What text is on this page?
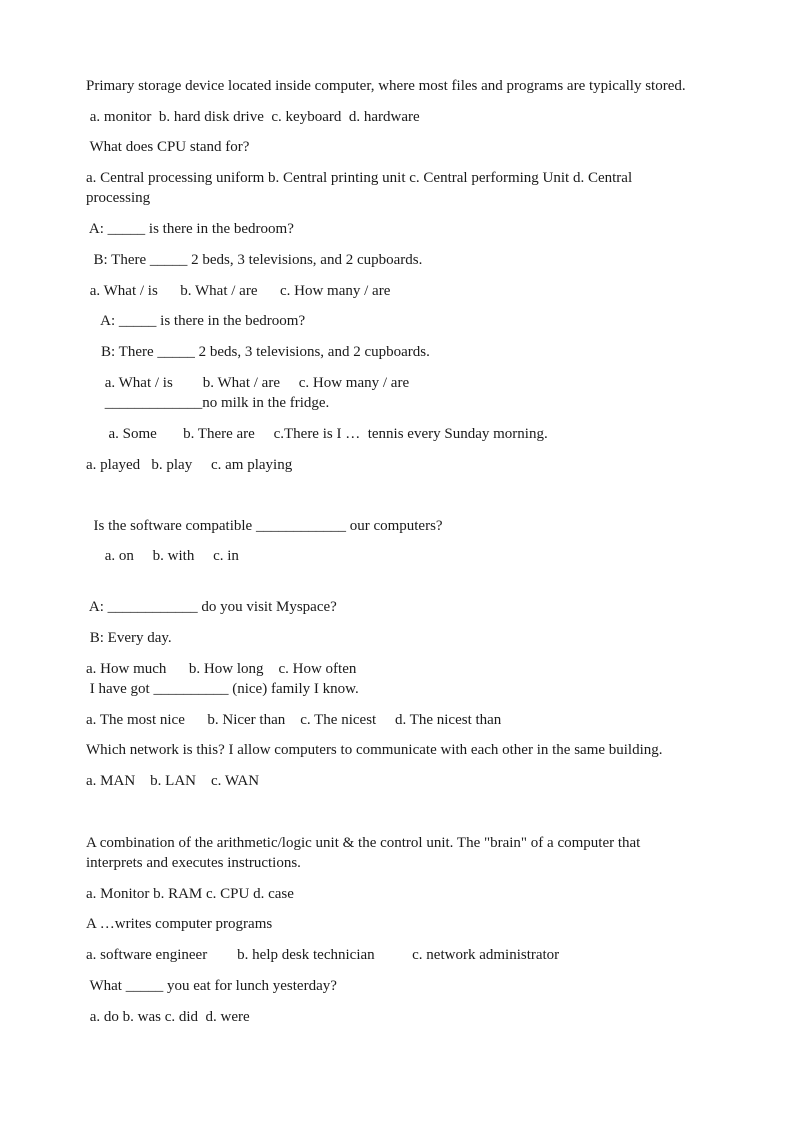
Primary storage device located inside computer, where most files and programs are typically stored.

a. monitor  b. hard disk drive  c. keyboard  d. hardware

What does CPU stand for?

a. Central processing uniform b. Central printing unit c. Central performing Unit d. Central processing

A: _____ is there in the bedroom?

B: There _____ 2 beds, 3 televisions, and 2 cupboards.

a. What / is      b. What / are      c. How many / are

A: _____ is there in the bedroom?

B: There _____ 2 beds, 3 televisions, and 2 cupboards.

a. What / is        b. What / are     c. How many / are

_____________no milk in the fridge.

a. Some       b. There are     c.There is I …  tennis every Sunday morning.

a. played   b. play     c. am playing

Is the software compatible ____________ our computers?

a. on     b. with     c. in

A: ____________ do you visit Myspace?

B: Every day.

a. How much      b. How long    c. How often

I have got __________ (nice) family I know.

a. The most nice      b. Nicer than    c. The nicest     d. The nicest than

Which network is this? I allow computers to communicate with each other in the same building.

a. MAN    b. LAN    c. WAN

A combination of the arithmetic/logic unit & the control unit. The "brain" of a computer that interprets and executes instructions.

a. Monitor b. RAM c. CPU d. case

A …writes computer programs

a. software engineer        b. help desk technician          c. network administrator

What _____ you eat for lunch yesterday?

a. do b. was c. did  d. were
